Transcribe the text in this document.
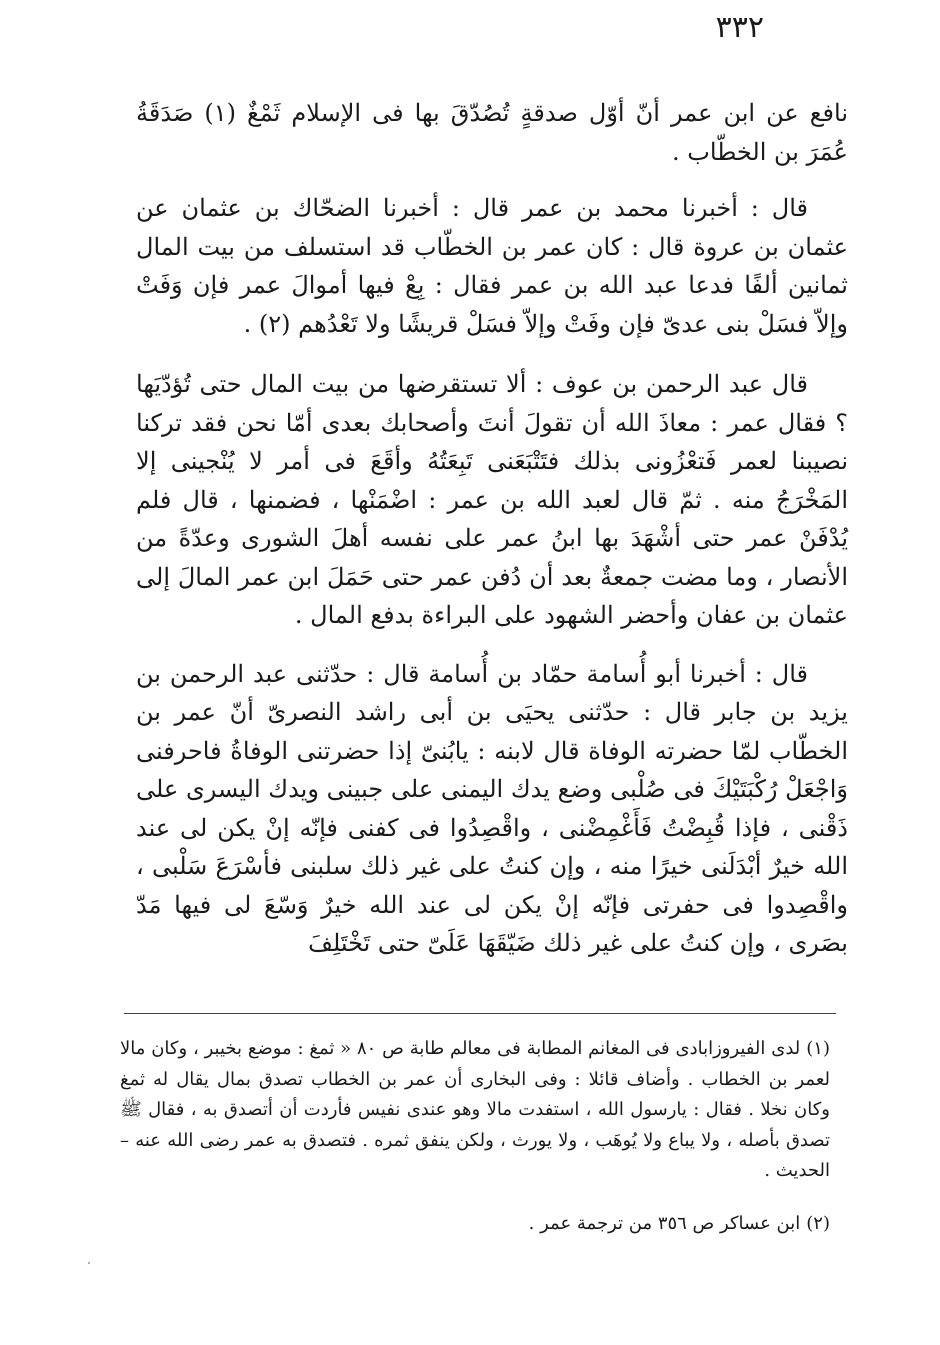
٣٣٢

نافع عن ابن عمر أنّ أوّل صدقةٍ تُصُدّقَ بها فى الإسلام ثَمْغٌ (١) صَدَقَةُ عُمَرَ بن الخطّاب .

قال : أخبرنا محمد بن عمر قال : أخبرنا الضحّاك بن عثمان عن عثمان بن عروة قال : كان عمر بن الخطّاب قد استسلف من بيت المال ثمانين ألفًا فدعا عبد الله بن عمر فقال : بِعْ فيها أموالَ عمر فإن وَفَتْ وإلاّ فسَلْ بنى عدىّ فإن وفَتْ وإلاّ فسَلْ قريشًا ولا تَعْدُهم (٢) .

قال عبد الرحمن بن عوف : ألا تستقرضها من بيت المال حتى تُؤدّيَها ؟ فقال عمر : معاذَ الله أن تقولَ أنتَ وأصحابك بعدى أمّا نحن فقد تركنا نصيبنا لعمر فَتعْزُونى بذلك فتَتْبَعَنى تَبِعَتُهُ وأقَعَ فى أمر لا يُنْجينى إلا المَخْرَجُ منه . ثمّ قال لعبد الله بن عمر : اضْمَنْها ، فضمنها ، قال فلم يُدْفَنْ عمر حتى أشْهَدَ بها ابنُ عمر على نفسه أهلَ الشورى وعدّةً من الأنصار ، وما مضت جمعةٌ بعد أن دُفن عمر حتى حَمَلَ ابن عمر المالَ إلى عثمان بن عفان وأحضر الشهود على البراءة بدفع المال .

قال : أخبرنا أبو أُسامة حمّاد بن أُسامة قال : حدّثنى عبد الرحمن بن يزيد بن جابر قال : حدّثنى يحيَى بن أبى راشد النصرىّ أنّ عمر بن الخطّاب لمّا حضرته الوفاة قال لابنه : يابُنىّ إذا حضرتنى الوفاةُ فاحرفنى وَاجْعَلْ رُكْبَتَيْكَ فى صُلْبى وضع يدك اليمنى على جبينى ويدك اليسرى على ذَقْنى ، فإذا قُبِضْتُ فَأَغْمِضْنى ، واقْصِدُوا فى كفنى فإنّه إنْ يكن لى عند الله خيرٌ أبْدَلَنى خيرًا منه ، وإن كنتُ على غير ذلك سلبنى فأسْرَعَ سَلْبى ، واقْصِدوا فى حفرتى فإنّه إنْ يكن لى عند الله خيرٌ وَسّعَ لى فيها مَدّ بصَرى ، وإن كنتُ على غير ذلك ضَيّقَهَا عَلَىّ حتى تَخْتَلِفَ

(١)لدى الفيروزابادى فى المغانم المطابة فى معالم طابة ص ٨٠ « ثمغ : موضع بخيبر ، وكان مالا لعمر بن الخطاب . وأضاف قائلا : وفى البخارى أن عمر بن الخطاب تصدق بمال يقال له ثمغ وكان نخلا . فقال : يارسول الله ، استفدت مالا وهو عندى نفيس فأردت أن أتصدق به ، فقال ﷺ تصدق بأصله ، ولا يباع ولا يُوهَب ، ولا يورث ، ولكن ينفق ثمره . فتصدق به عمر رضى الله عنه – الحديث .

(٢)ابن عساكر ص ٣٥٦ من ترجمة عمر .
